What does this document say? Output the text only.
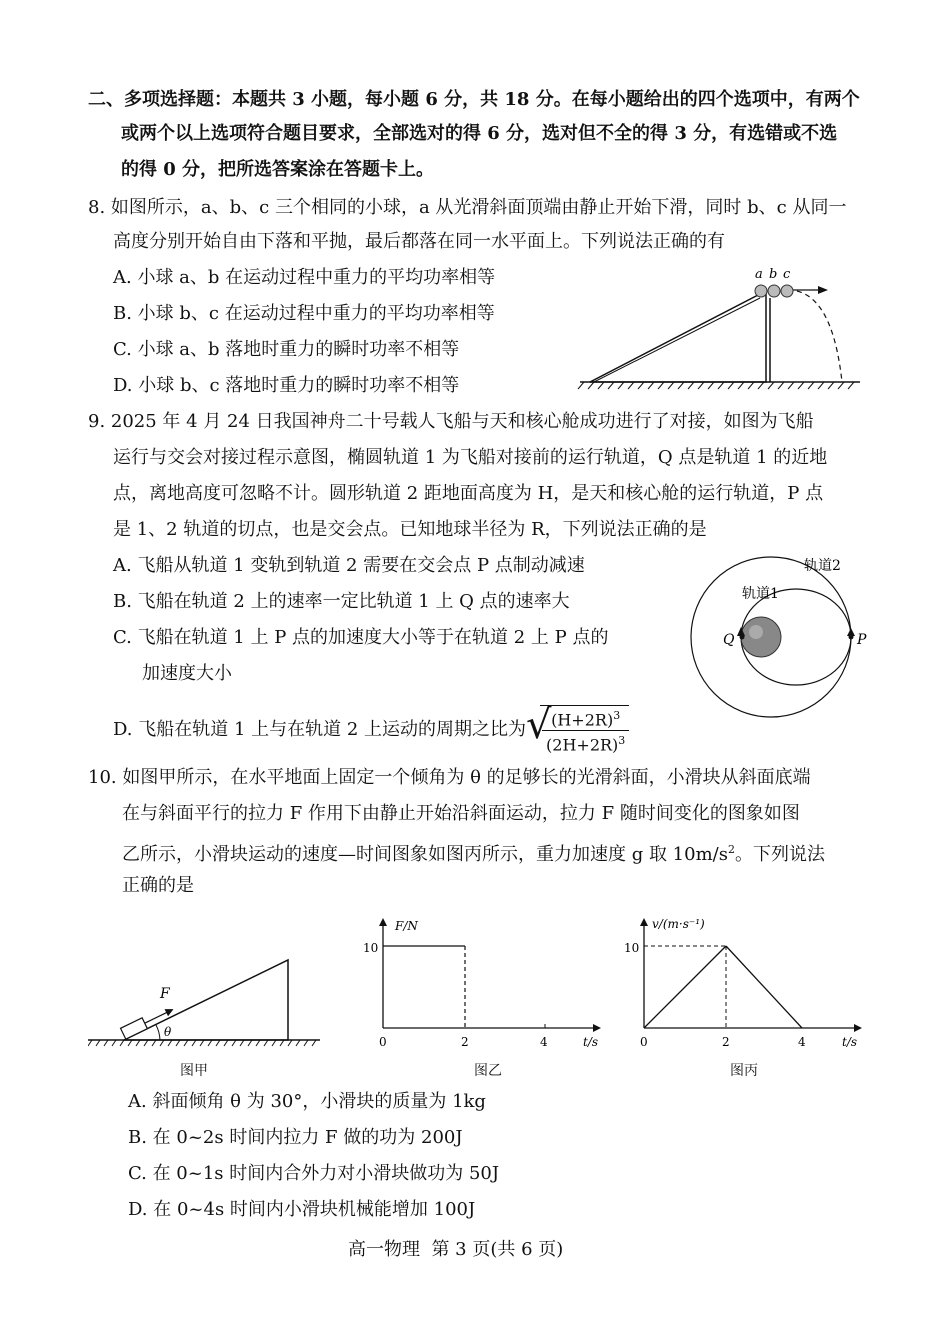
二、多项选择题：本题共 3 小题，每小题 6 分，共 18 分。在每小题给出的四个选项中，有两个
或两个以上选项符合题目要求，全部选对的得 6 分，选对但不全的得 3 分，有选错或不选
的得 0 分，把所选答案涂在答题卡上。
8. 如图所示，a、b、c 三个相同的小球，a 从光滑斜面顶端由静止开始下滑，同时 b、c 从同一
高度分别开始自由下落和平抛，最后都落在同一水平面上。下列说法正确的有
A. 小球 a、b 在运动过程中重力的平均功率相等
B. 小球 b、c 在运动过程中重力的平均功率相等
C. 小球 a、b 落地时重力的瞬时功率不相等
D. 小球 b、c 落地时重力的瞬时功率不相等
a b c
9. 2025 年 4 月 24 日我国神舟二十号载人飞船与天和核心舱成功进行了对接，如图为飞船
运行与交会对接过程示意图，椭圆轨道 1 为飞船对接前的运行轨道，Q 点是轨道 1 的近地
点，离地高度可忽略不计。圆形轨道 2 距地面高度为 H，是天和核心舱的运行轨道，P 点
是 1、2 轨道的切点，也是交会点。已知地球半径为 R，下列说法正确的是
A. 飞船从轨道 1 变轨到轨道 2 需要在交会点 P 点制动减速
B. 飞船在轨道 2 上的速率一定比轨道 1 上 Q 点的速率大
C. 飞船在轨道 1 上 P 点的加速度大小等于在轨道 2 上 P 点的
加速度大小
D. 飞船在轨道 1 上与在轨道 2 上运动的周期之比为 √
$\frac{(H+2R)^3}{(2H+2R)^3}$
轨道2
轨道1
Q	P
10. 如图甲所示，在水平地面上固定一个倾角为 θ 的足够长的光滑斜面，小滑块从斜面底端
在与斜面平行的拉力 F 作用下由静止开始沿斜面运动，拉力 F 随时间变化的图象如图
乙所示，小滑块运动的速度—时间图象如图丙所示，重力加速度 g 取 $10m/s^2$。下列说法
正确的是
F
θ
图甲
F/N
10
0	2	4	t/s
图乙
v/(m·s⁻¹)
10
0	2	4	t/s
图丙
A. 斜面倾角 θ 为 30°，小滑块的质量为 1kg
B. 在 0~2s 时间内拉力 F 做的功为 200J
C. 在 0~1s 时间内合外力对小滑块做功为 50J
D. 在 0~4s 时间内小滑块机械能增加 100J
高一物理  第 3 页(共 6 页)
